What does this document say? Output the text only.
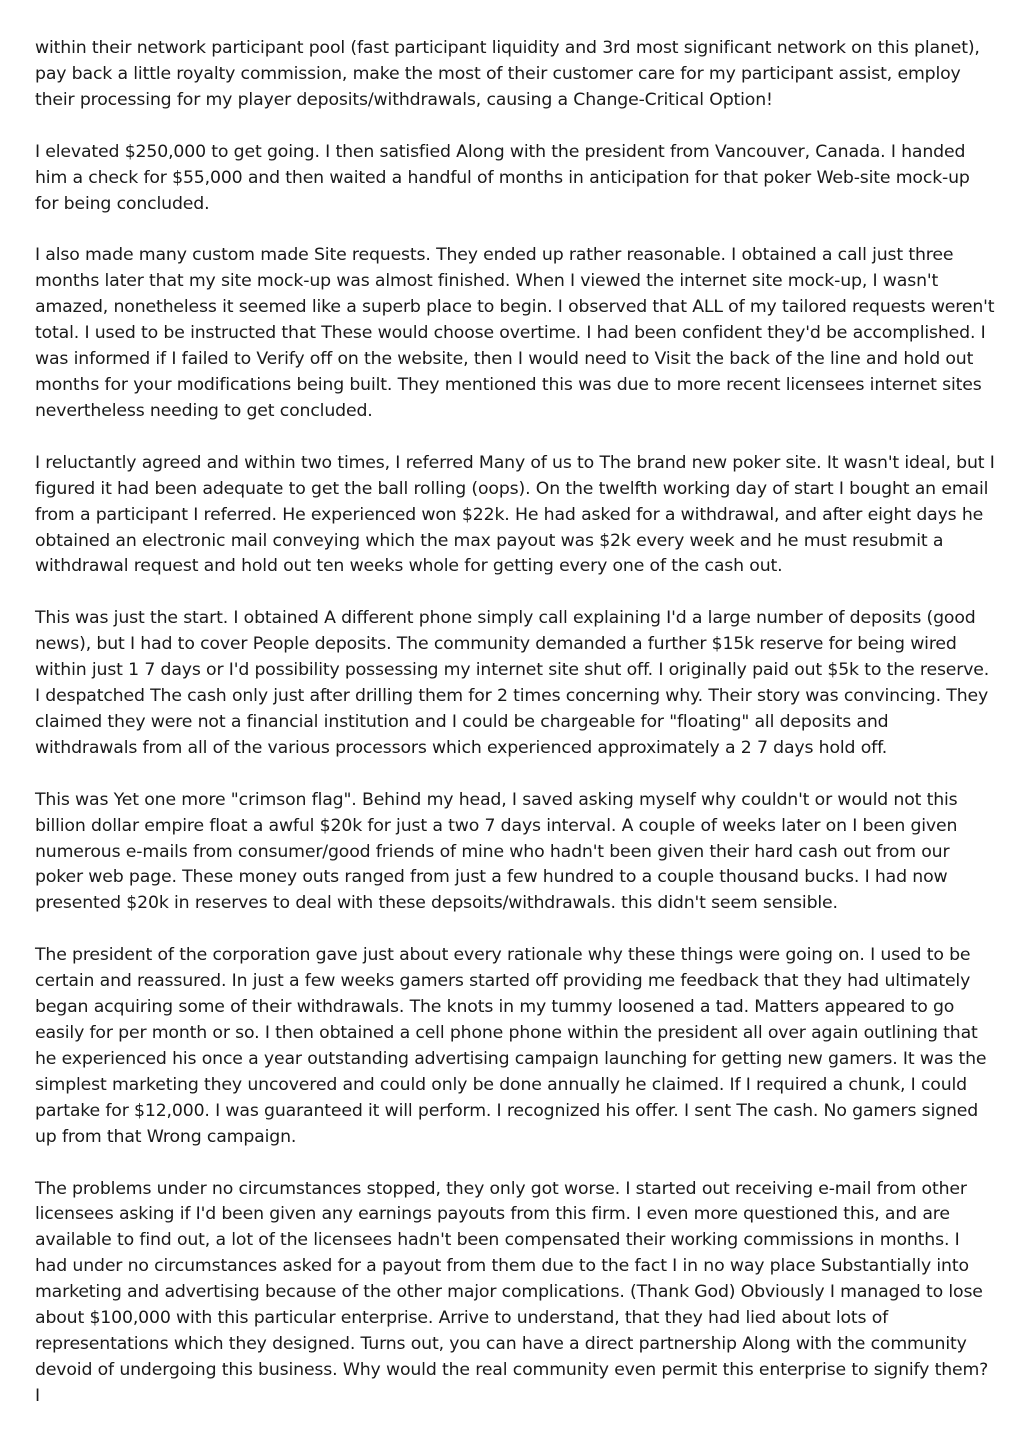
within their network participant pool (fast participant liquidity and 3rd most significant network on this planet), pay back a little royalty commission, make the most of their customer care for my participant assist, employ their processing for my player deposits/withdrawals, causing a Change-Critical Option!

I elevated $250,000 to get going. I then satisfied Along with the president from Vancouver, Canada. I handed him a check for $55,000 and then waited a handful of months in anticipation for that poker Web-site mock-up for being concluded.

I also made many custom made Site requests. They ended up rather reasonable. I obtained a call just three months later that my site mock-up was almost finished. When I viewed the internet site mock-up, I wasn't amazed, nonetheless it seemed like a superb place to begin. I observed that ALL of my tailored requests weren't total. I used to be instructed that These would choose overtime. I had been confident they'd be accomplished. I was informed if I failed to Verify off on the website, then I would need to Visit the back of the line and hold out months for your modifications being built. They mentioned this was due to more recent licensees internet sites nevertheless needing to get concluded.

I reluctantly agreed and within two times, I referred Many of us to The brand new poker site. It wasn't ideal, but I figured it had been adequate to get the ball rolling (oops). On the twelfth working day of start I bought an email from a participant I referred. He experienced won $22k. He had asked for a withdrawal, and after eight days he obtained an electronic mail conveying which the max payout was $2k every week and he must resubmit a withdrawal request and hold out ten weeks whole for getting every one of the cash out.

This was just the start. I obtained A different phone simply call explaining I'd a large number of deposits (good news), but I had to cover People deposits. The community demanded a further $15k reserve for being wired within just 1 7 days or I'd possibility possessing my internet site shut off. I originally paid out $5k to the reserve. I despatched The cash only just after drilling them for 2 times concerning why. Their story was convincing. They claimed they were not a financial institution and I could be chargeable for "floating" all deposits and withdrawals from all of the various processors which experienced approximately a 2 7 days hold off.

This was Yet one more "crimson flag". Behind my head, I saved asking myself why couldn't or would not this billion dollar empire float a awful $20k for just a two 7 days interval. A couple of weeks later on I been given numerous e-mails from consumer/good friends of mine who hadn't been given their hard cash out from our poker web page. These money outs ranged from just a few hundred to a couple thousand bucks. I had now presented $20k in reserves to deal with these depsoits/withdrawals. this didn't seem sensible.

The president of the corporation gave just about every rationale why these things were going on. I used to be certain and reassured. In just a few weeks gamers started off providing me feedback that they had ultimately began acquiring some of their withdrawals. The knots in my tummy loosened a tad. Matters appeared to go easily for per month or so. I then obtained a cell phone phone within the president all over again outlining that he experienced his once a year outstanding advertising campaign launching for getting new gamers. It was the simplest marketing they uncovered and could only be done annually he claimed. If I required a chunk, I could partake for $12,000. I was guaranteed it will perform. I recognized his offer. I sent The cash. No gamers signed up from that Wrong campaign.

The problems under no circumstances stopped, they only got worse. I started out receiving e-mail from other licensees asking if I'd been given any earnings payouts from this firm. I even more questioned this, and are available to find out, a lot of the licensees hadn't been compensated their working commissions in months. I had under no circumstances asked for a payout from them due to the fact I in no way place Substantially into marketing and advertising because of the other major complications. (Thank God) Obviously I managed to lose about $100,000 with this particular enterprise. Arrive to understand, that they had lied about lots of representations which they designed. Turns out, you can have a direct partnership Along with the community devoid of undergoing this business. Why would the real community even permit this enterprise to signify them? I
